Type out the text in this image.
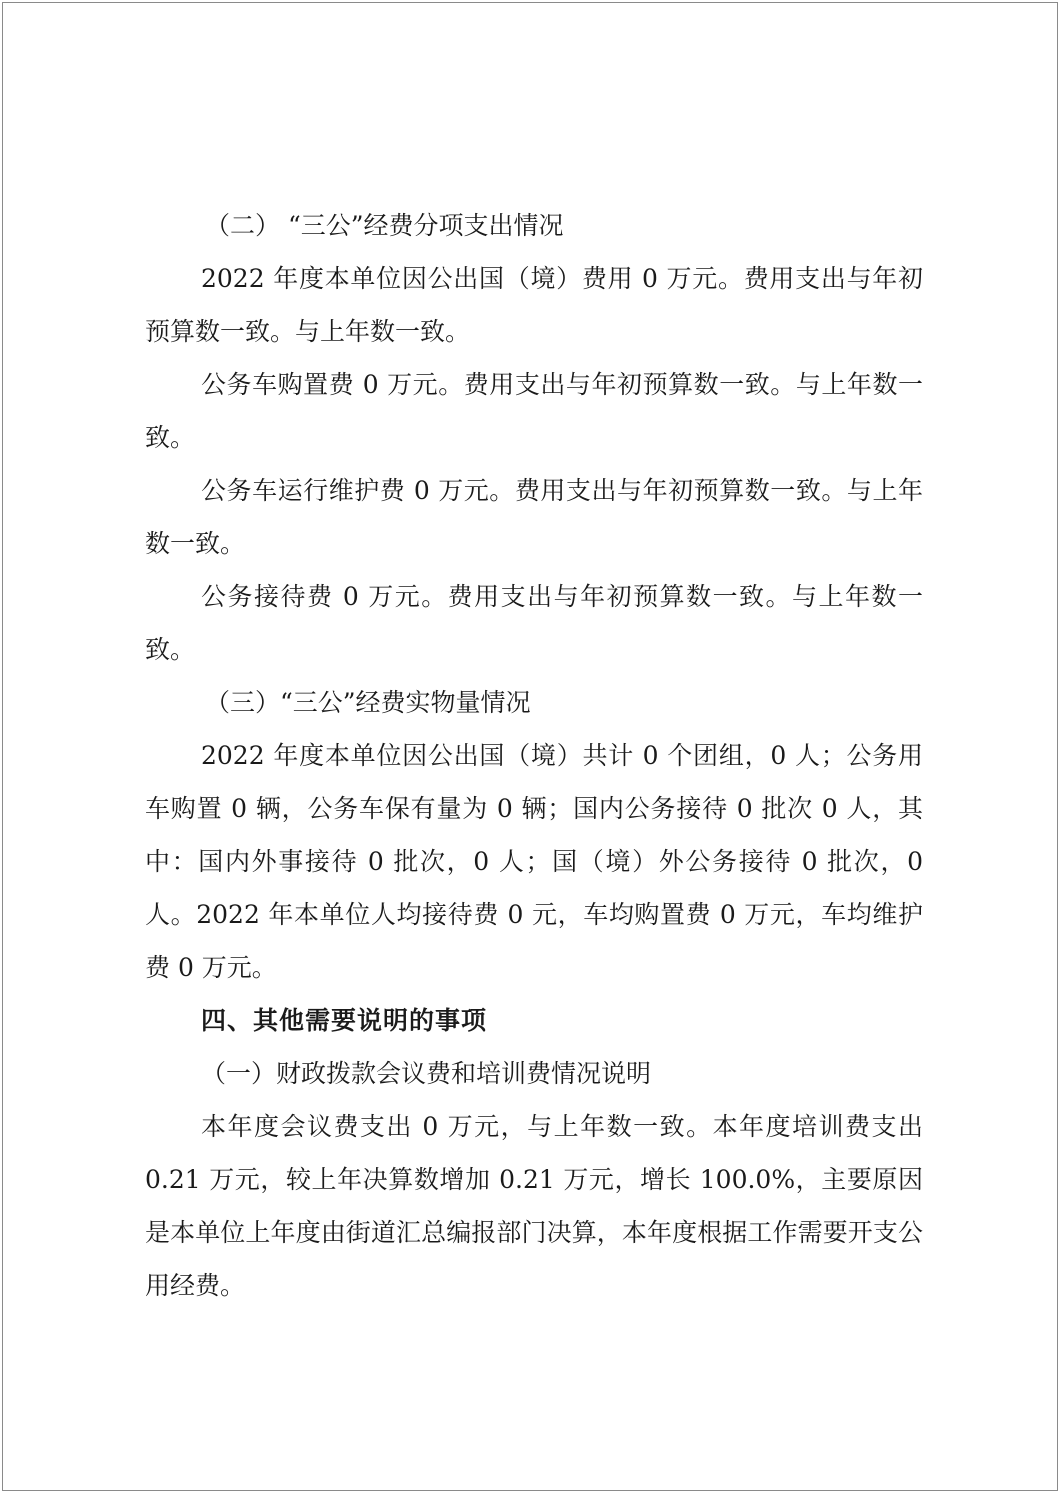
（二） “三公”经费分项支出情况

2022 年度本单位因公出国（境）费用 0 万元。费用支出与年初预算数一致。与上年数一致。

公务车购置费 0 万元。费用支出与年初预算数一致。与上年数一致。

公务车运行维护费 0 万元。费用支出与年初预算数一致。与上年数一致。

公务接待费 0 万元。费用支出与年初预算数一致。与上年数一致。

（三）“三公”经费实物量情况

2022 年度本单位因公出国（境）共计 0 个团组，0 人；公务用车购置 0 辆，公务车保有量为 0 辆；国内公务接待 0 批次 0 人，其中：国内外事接待 0 批次，0 人；国（境）外公务接待 0 批次，0 人。2022 年本单位人均接待费 0 元，车均购置费 0 万元，车均维护费 0 万元。

四、其他需要说明的事项

（一）财政拨款会议费和培训费情况说明

本年度会议费支出 0 万元，与上年数一致。本年度培训费支出 0.21 万元，较上年决算数增加 0.21 万元，增长 100.0%，主要原因是本单位上年度由街道汇总编报部门决算，本年度根据工作需要开支公用经费。
